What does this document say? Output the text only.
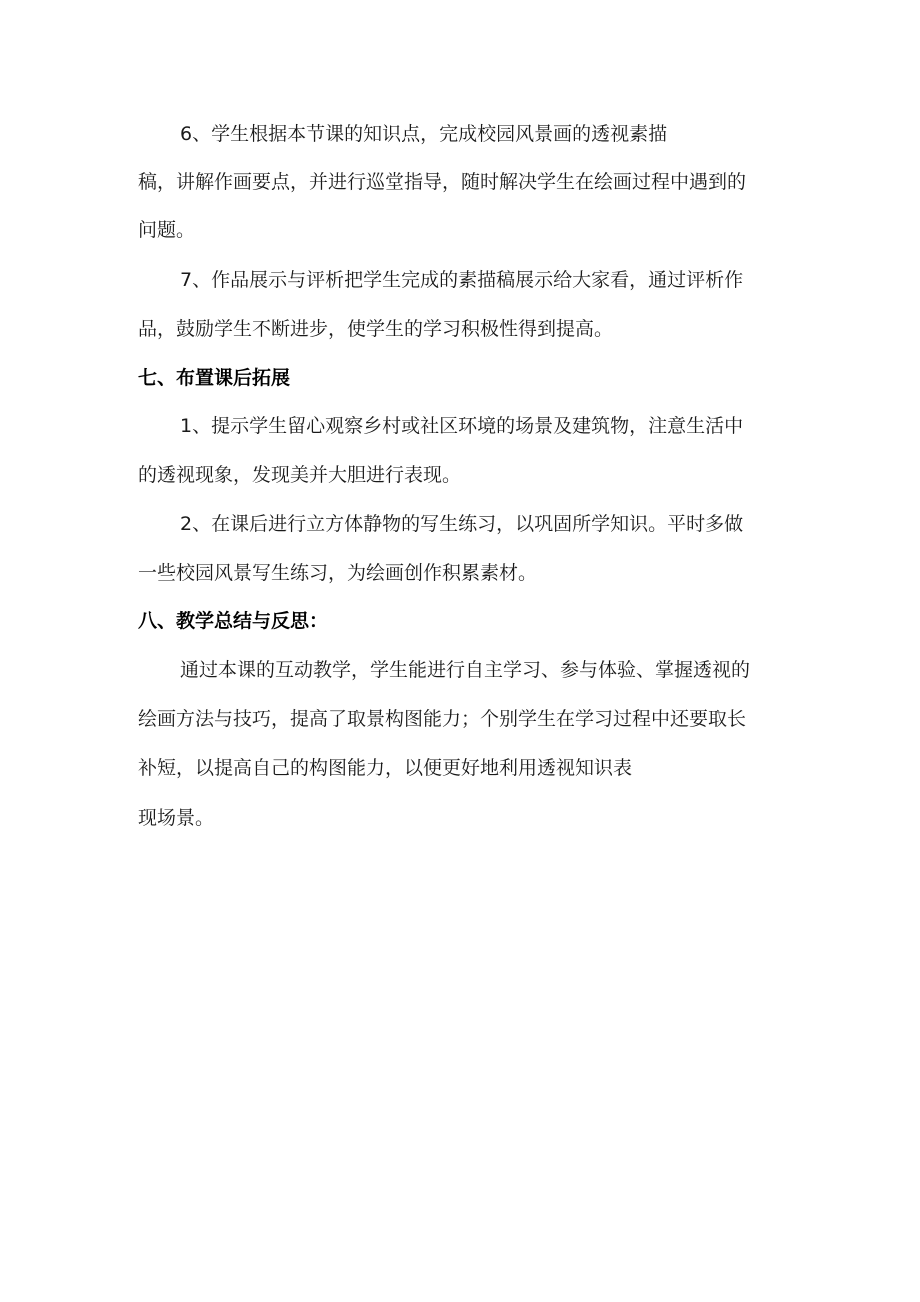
6、学生根据本节课的知识点，完成校园风景画的透视素描
稿，讲解作画要点，并进行巡堂指导，随时解决学生在绘画过程中遇到的
问题。
7、作品展示与评析把学生完成的素描稿展示给大家看，通过评析作
品，鼓励学生不断进步，使学生的学习积极性得到提高。
七、布置课后拓展
1、提示学生留心观察乡村或社区环境的场景及建筑物，注意生活中
的透视现象，发现美并大胆进行表现。
2、在课后进行立方体静物的写生练习，以巩固所学知识。平时多做
一些校园风景写生练习，为绘画创作积累素材。
八、教学总结与反思：
通过本课的互动教学，学生能进行自主学习、参与体验、掌握透视的
绘画方法与技巧，提高了取景构图能力；个别学生在学习过程中还要取长
补短，以提高自己的构图能力，以便更好地利用透视知识表
现场景。
